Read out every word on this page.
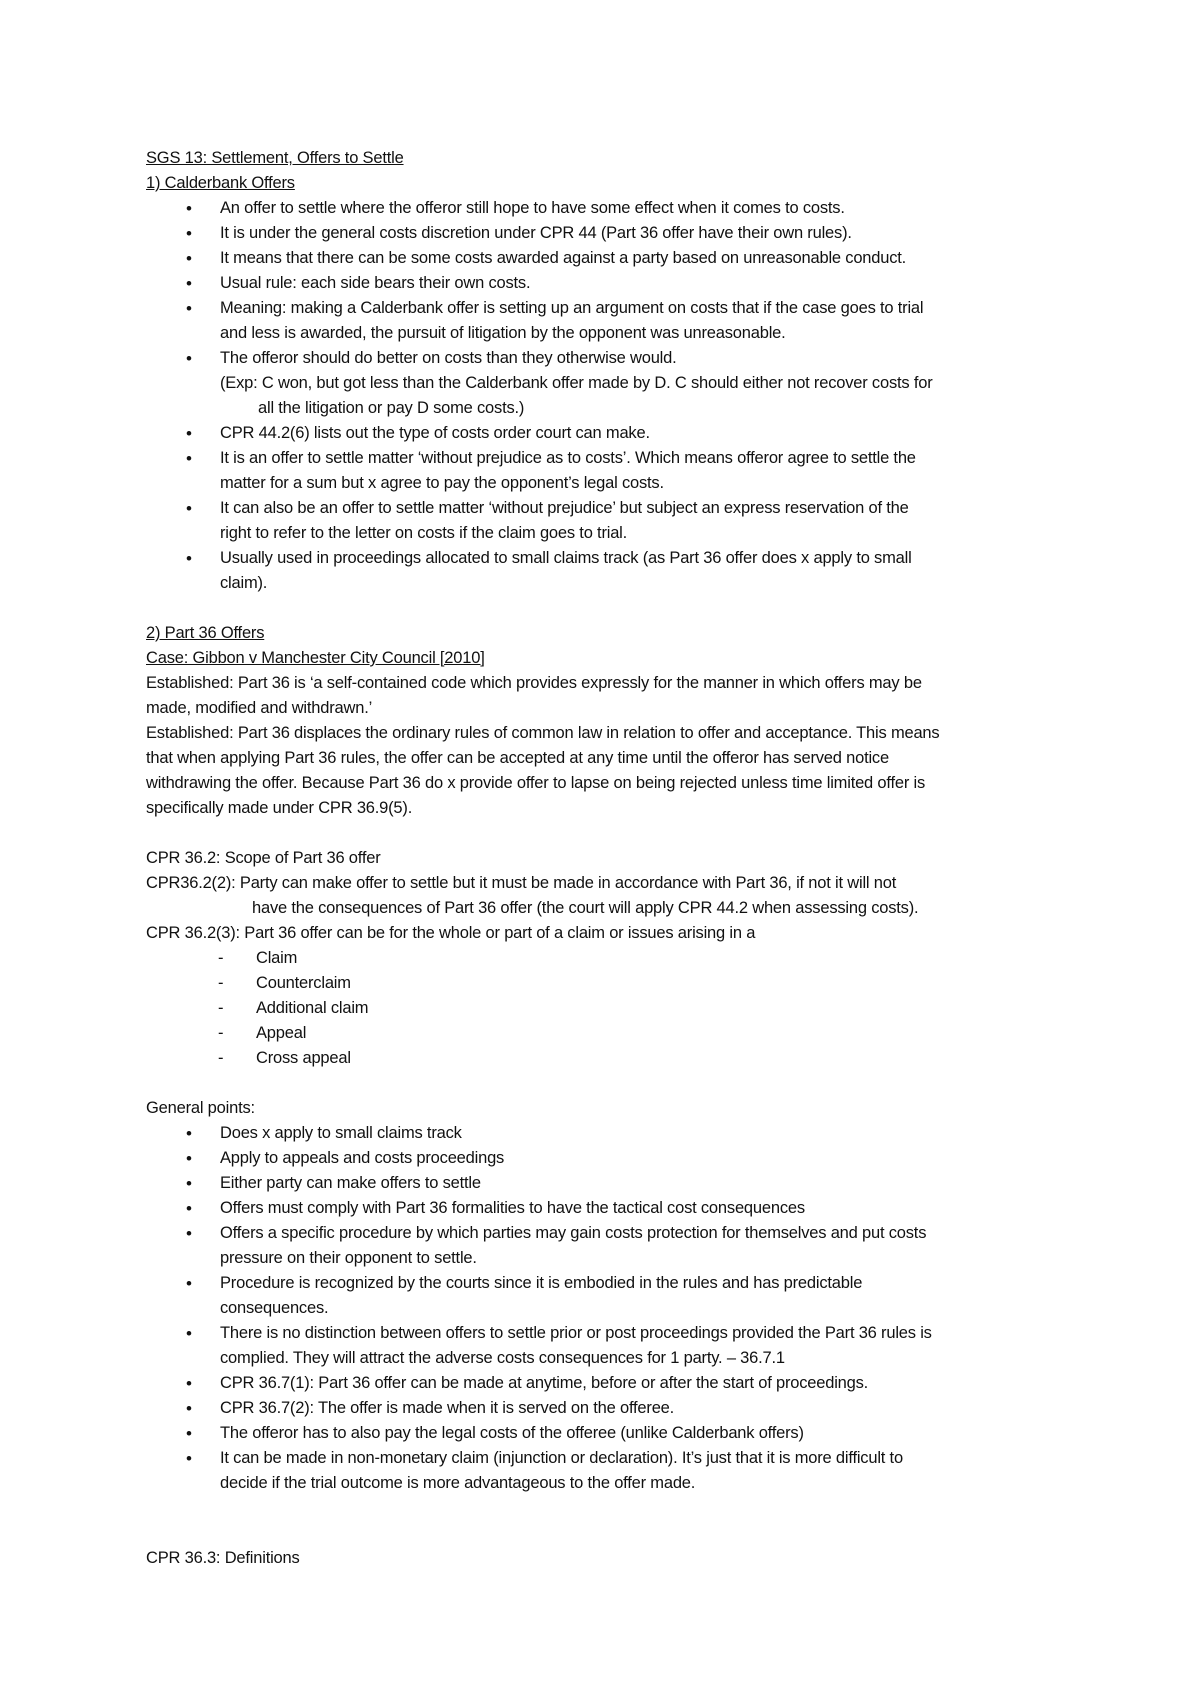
SGS 13: Settlement, Offers to Settle

1) Calderbank Offers

• An offer to settle where the offeror still hope to have some effect when it comes to costs.
• It is under the general costs discretion under CPR 44 (Part 36 offer have their own rules).
• It means that there can be some costs awarded against a party based on unreasonable conduct.
• Usual rule: each side bears their own costs.
• Meaning: making a Calderbank offer is setting up an argument on costs that if the case goes to trial
and less is awarded, the pursuit of litigation by the opponent was unreasonable.
• The offeror should do better on costs than they otherwise would.
(Exp: C won, but got less than the Calderbank offer made by D. C should either not recover costs for
all the litigation or pay D some costs.)
• CPR 44.2(6) lists out the type of costs order court can make.
• It is an offer to settle matter ‘without prejudice as to costs’. Which means offeror agree to settle the
matter for a sum but x agree to pay the opponent’s legal costs.
• It can also be an offer to settle matter ‘without prejudice’ but subject an express reservation of the
right to refer to the letter on costs if the claim goes to trial.
• Usually used in proceedings allocated to small claims track (as Part 36 offer does x apply to small
claim).

2) Part 36 Offers

Case: Gibbon v Manchester City Council [2010]

Established: Part 36 is ‘a self-contained code which provides expressly for the manner in which offers may be

made, modified and withdrawn.’

Established: Part 36 displaces the ordinary rules of common law in relation to offer and acceptance. This means

that when applying Part 36 rules, the offer can be accepted at any time until the offeror has served notice

withdrawing the offer. Because Part 36 do x provide offer to lapse on being rejected unless time limited offer is

specifically made under CPR 36.9(5).

CPR 36.2: Scope of Part 36 offer

CPR36.2(2): Party can make offer to settle but it must be made in accordance with Part 36, if not it will not

have the consequences of Part 36 offer (the court will apply CPR 44.2 when assessing costs).

CPR 36.2(3): Part 36 offer can be for the whole or part of a claim or issues arising in a

- Claim
- Counterclaim
- Additional claim
- Appeal
- Cross appeal

General points:

• Does x apply to small claims track
• Apply to appeals and costs proceedings
• Either party can make offers to settle
• Offers must comply with Part 36 formalities to have the tactical cost consequences
• Offers a specific procedure by which parties may gain costs protection for themselves and put costs
pressure on their opponent to settle.
• Procedure is recognized by the courts since it is embodied in the rules and has predictable
consequences.
• There is no distinction between offers to settle prior or post proceedings provided the Part 36 rules is
complied. They will attract the adverse costs consequences for 1 party. – 36.7.1
• CPR 36.7(1): Part 36 offer can be made at anytime, before or after the start of proceedings.
• CPR 36.7(2): The offer is made when it is served on the offeree.
• The offeror has to also pay the legal costs of the offeree (unlike Calderbank offers)
• It can be made in non-monetary claim (injunction or declaration). It’s just that it is more difficult to
decide if the trial outcome is more advantageous to the offer made.

CPR 36.3: Definitions
